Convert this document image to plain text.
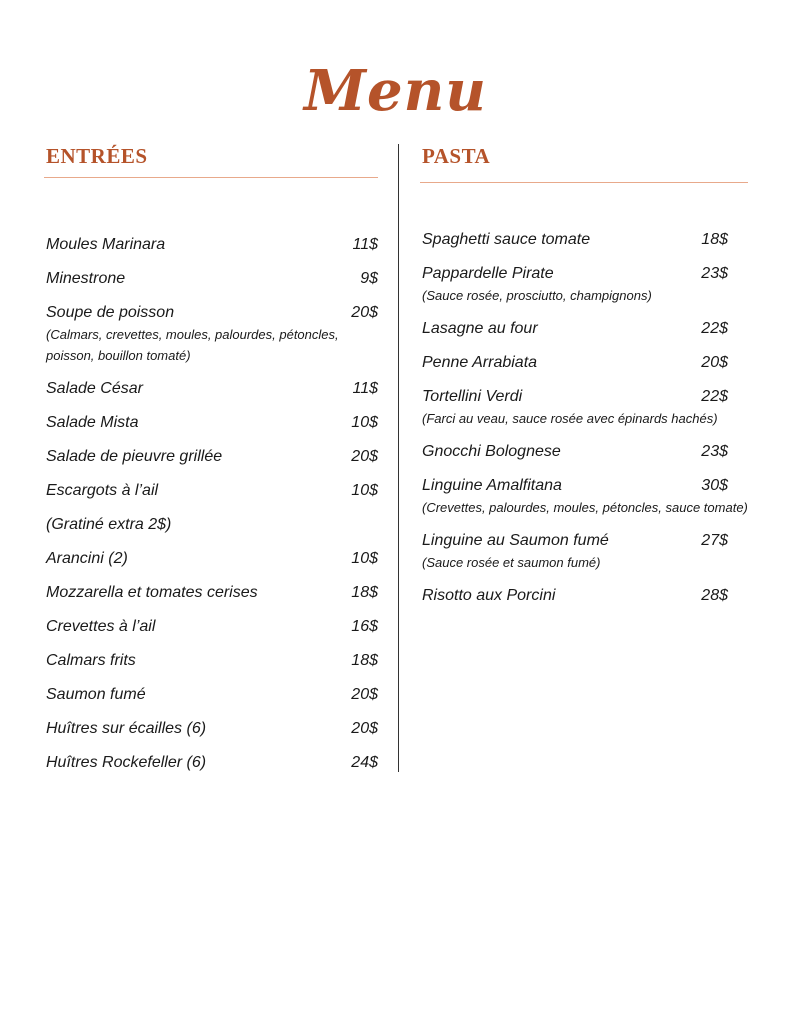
Menu
ENTRÉES
Moules Marinara	11$
Minestrone	9$
Soupe de poisson	20$
(Calmars, crevettes, moules, palourdes, pétoncles, poisson, bouillon tomaté)
Salade César	11$
Salade Mista	10$
Salade de pieuvre grillée	20$
Escargots à l’ail	10$
(Gratiné extra 2$)
Arancini (2)	10$
Mozzarella et tomates cerises	18$
Crevettes à l’ail	16$
Calmars frits	18$
Saumon fumé	20$
Huîtres sur écailles (6)	20$
Huîtres Rockefeller (6)	24$
PASTA
Spaghetti sauce tomate	18$
Pappardelle Pirate	23$
(Sauce rosée, prosciutto, champignons)
Lasagne au four	22$
Penne Arrabiata	20$
Tortellini Verdi	22$
(Farci au veau, sauce rosée avec épinards hachés)
Gnocchi Bolognese	23$
Linguine Amalfitana	30$
(Crevettes, palourdes, moules, pétoncles, sauce tomate)
Linguine au Saumon fumé	27$
(Sauce rosée et saumon fumé)
Risotto aux Porcini	28$
